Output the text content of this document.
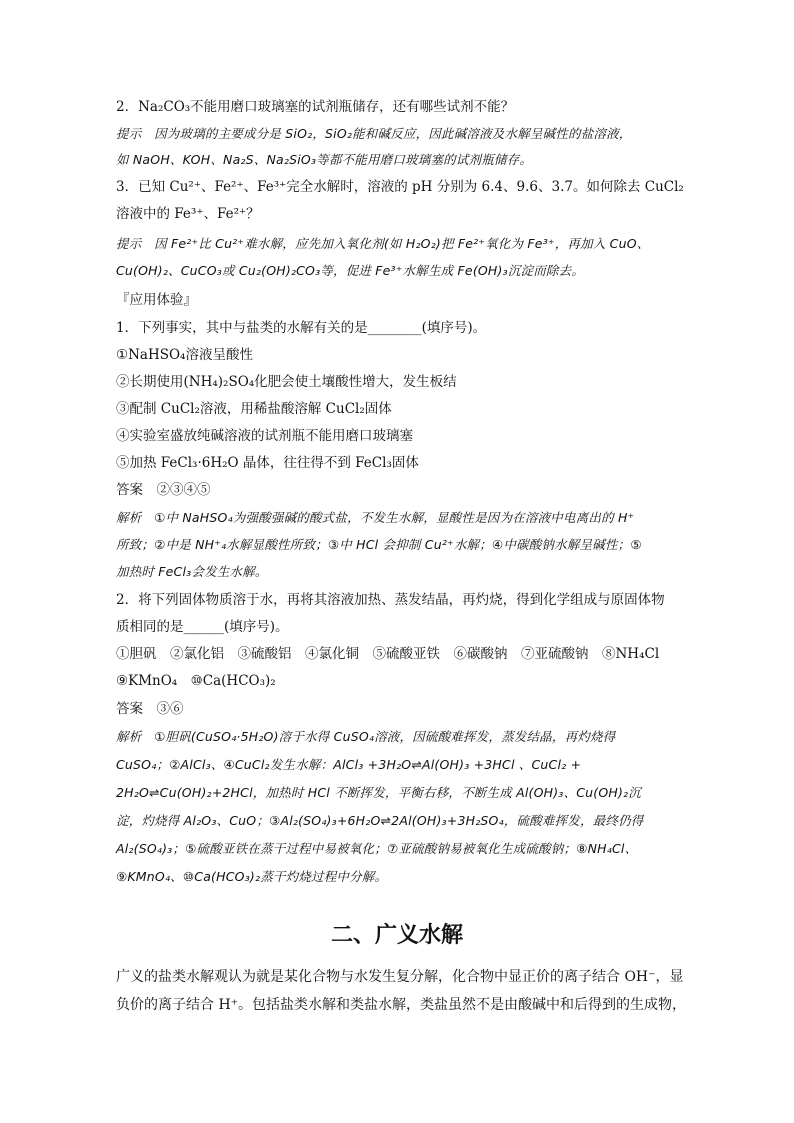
2．Na₂CO₃不能用磨口玻璃塞的试剂瓶储存，还有哪些试剂不能？
提示　因为玻璃的主要成分是 SiO₂，SiO₂能和碱反应，因此碱溶液及水解呈碱性的盐溶液，
如 NaOH、KOH、Na₂S、Na₂SiO₃等都不能用磨口玻璃塞的试剂瓶储存。
3．已知 Cu²⁺、Fe²⁺、Fe³⁺完全水解时，溶液的 pH 分别为 6.4、9.6、3.7。如何除去 CuCl₂
溶液中的 Fe³⁺、Fe²⁺？
提示　因 Fe²⁺比 Cu²⁺难水解，应先加入氧化剂(如 H₂O₂)把 Fe²⁺氧化为 Fe³⁺，再加入 CuO、
Cu(OH)₂、CuCO₃或 Cu₂(OH)₂CO₃等，促进 Fe³⁺水解生成 Fe(OH)₃沉淀而除去。
『应用体验』
1．下列事实，其中与盐类的水解有关的是________(填序号)。
①NaHSO₄溶液呈酸性
②长期使用(NH₄)₂SO₄化肥会使土壤酸性增大，发生板结
③配制 CuCl₂溶液，用稀盐酸溶解 CuCl₂固体
④实验室盛放纯碱溶液的试剂瓶不能用磨口玻璃塞
⑤加热 FeCl₃·6H₂O 晶体，往往得不到 FeCl₃固体
答案　②③④⑤
解析　①中 NaHSO₄为强酸强碱的酸式盐，不发生水解，显酸性是因为在溶液中电离出的 H⁺
所致；②中是 NH⁺₄水解显酸性所致；③中 HCl 会抑制 Cu²⁺水解；④中碳酸钠水解呈碱性；⑤
加热时 FeCl₃会发生水解。
2．将下列固体物质溶于水，再将其溶液加热、蒸发结晶，再灼烧，得到化学组成与原固体物
质相同的是______(填序号)。
①胆矾　②氯化铝　③硫酸铝　④氯化铜　⑤硫酸亚铁　⑥碳酸钠　⑦亚硫酸钠　⑧NH₄Cl
⑨KMnO₄　⑩Ca(HCO₃)₂
答案　③⑥
解析　①胆矾(CuSO₄·5H₂O)溶于水得 CuSO₄溶液，因硫酸难挥发，蒸发结晶，再灼烧得
CuSO₄；②AlCl₃、④CuCl₂发生水解：AlCl₃ +3H₂O⇌Al(OH)₃ +3HCl 、CuCl₂ +
2H₂O⇌Cu(OH)₂+2HCl，加热时 HCl 不断挥发，平衡右移，不断生成 Al(OH)₃、Cu(OH)₂沉
淀，灼烧得 Al₂O₃、CuO；③Al₂(SO₄)₃+6H₂O⇌2Al(OH)₃+3H₂SO₄，硫酸难挥发，最终仍得
Al₂(SO₄)₃；⑤硫酸亚铁在蒸干过程中易被氧化；⑦亚硫酸钠易被氧化生成硫酸钠；⑧NH₄Cl、
⑨KMnO₄、⑩Ca(HCO₃)₂蒸干灼烧过程中分解。
二、广义水解
广义的盐类水解观认为就是某化合物与水发生复分解，化合物中显正价的离子结合 OH⁻，显
负价的离子结合 H⁺。包括盐类水解和类盐水解，类盐虽然不是由酸碱中和后得到的生成物，
